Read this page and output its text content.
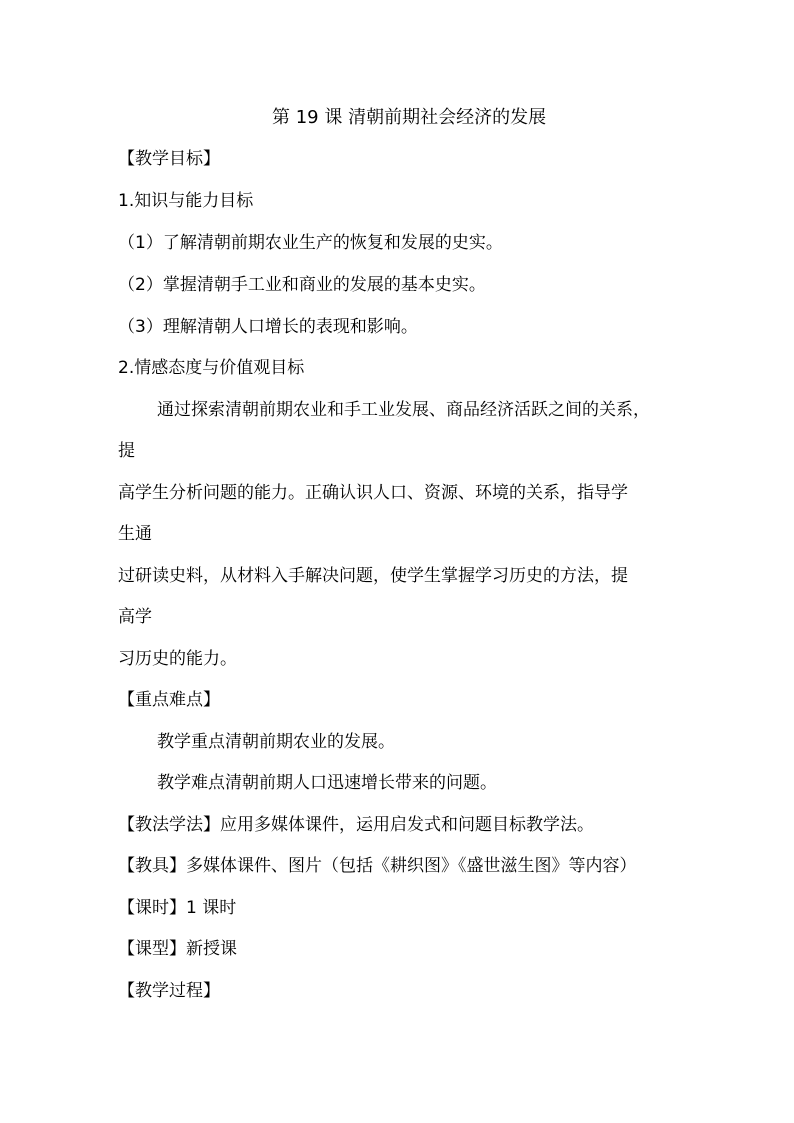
第 19 课 清朝前期社会经济的发展
【教学目标】
1.知识与能力目标
（1）了解清朝前期农业生产的恢复和发展的史实。
（2）掌握清朝手工业和商业的发展的基本史实。
（3）理解清朝人口增长的表现和影响。
2.情感态度与价值观目标
通过探索清朝前期农业和手工业发展、商品经济活跃之间的关系，
提
高学生分析问题的能力。正确认识人口、资源、环境的关系，指导学
生通
过研读史料，从材料入手解决问题，使学生掌握学习历史的方法，提
高学
习历史的能力。
【重点难点】
教学重点清朝前期农业的发展。
教学难点清朝前期人口迅速增长带来的问题。
【教法学法】应用多媒体课件，运用启发式和问题目标教学法。
【教具】多媒体课件、图片（包括《耕织图》《盛世滋生图》等内容）
【课时】1 课时
【课型】新授课
【教学过程】
